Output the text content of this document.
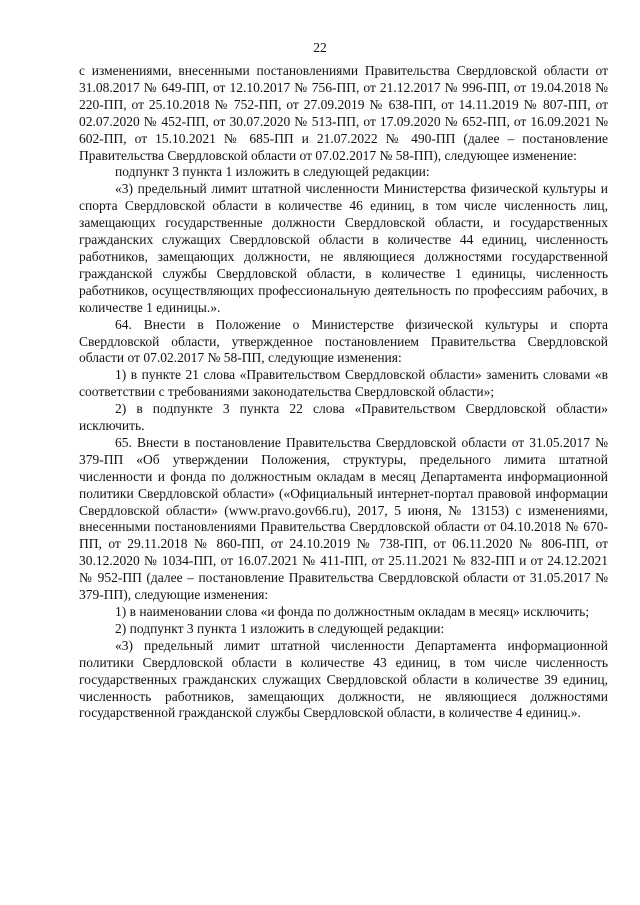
22

с изменениями, внесенными постановлениями Правительства Свердловской области от 31.08.2017 № 649-ПП, от 12.10.2017 № 756-ПП, от 21.12.2017 № 996-ПП, от 19.04.2018 № 220-ПП, от 25.10.2018 № 752-ПП, от 27.09.2019 № 638-ПП, от 14.11.2019 № 807-ПП, от 02.07.2020 № 452-ПП, от 30.07.2020 № 513-ПП, от 17.09.2020 № 652-ПП, от 16.09.2021 № 602-ПП, от 15.10.2021 № 685-ПП и 21.07.2022 № 490-ПП (далее – постановление Правительства Свердловской области от 07.02.2017 № 58-ПП), следующее изменение:

подпункт 3 пункта 1 изложить в следующей редакции:

«3) предельный лимит штатной численности Министерства физической культуры и спорта Свердловской области в количестве 46 единиц, в том числе численность лиц, замещающих государственные должности Свердловской области, и государственных гражданских служащих Свердловской области в количестве 44 единиц, численность работников, замещающих должности, не являющиеся должностями государственной гражданской службы Свердловской области, в количестве 1 единицы, численность работников, осуществляющих профессиональную деятельность по профессиям рабочих, в количестве 1 единицы.».

64. Внести в Положение о Министерстве физической культуры и спорта Свердловской области, утвержденное постановлением Правительства Свердловской области от 07.02.2017 № 58-ПП, следующие изменения:

1) в пункте 21 слова «Правительством Свердловской области» заменить словами «в соответствии с требованиями законодательства Свердловской области»;

2) в подпункте 3 пункта 22 слова «Правительством Свердловской области» исключить.

65. Внести в постановление Правительства Свердловской области от 31.05.2017 № 379-ПП «Об утверждении Положения, структуры, предельного лимита штатной численности и фонда по должностным окладам в месяц Департамента информационной политики Свердловской области» («Официальный интернет-портал правовой информации Свердловской области» (www.pravo.gov66.ru), 2017, 5 июня, № 13153) с изменениями, внесенными постановлениями Правительства Свердловской области от 04.10.2018 № 670-ПП, от 29.11.2018 № 860-ПП, от 24.10.2019 № 738-ПП, от 06.11.2020 № 806-ПП, от 30.12.2020 № 1034-ПП, от 16.07.2021 № 411-ПП, от 25.11.2021 № 832-ПП и от 24.12.2021 № 952-ПП (далее – постановление Правительства Свердловской области от 31.05.2017 № 379-ПП), следующие изменения:

1) в наименовании слова «и фонда по должностным окладам в месяц» исключить;

2) подпункт 3 пункта 1 изложить в следующей редакции:

«3) предельный лимит штатной численности Департамента информационной политики Свердловской области в количестве 43 единиц, в том числе численность государственных гражданских служащих Свердловской области в количестве 39 единиц, численность работников, замещающих должности, не являющиеся должностями государственной гражданской службы Свердловской области, в количестве 4 единиц.».
